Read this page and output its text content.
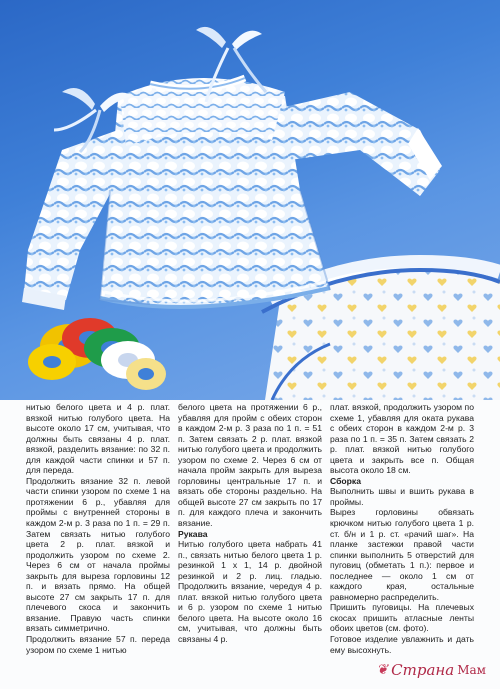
нитью белого цвета и 4 р. плат. вязкой нитью голубого цвета. На высоте около 17 см, учитывая, что должны быть связаны 4 р. плат. вязкой, разделить вязание: по 32 п. для каждой части спинки и 57 п. для переда.

Продолжить вязание 32 п. левой части спинки узором по схеме 1 на протяжении 6 р., убавляя для проймы с внутренней стороны в каждом 2-м р. 3 раза по 1 п. = 29 п. Затем связать нитью голубого цвета 2 р. плат. вязкой и продолжить узором по схеме 2. Через 6 см от начала проймы закрыть для выреза горловины 12 п. и вязать прямо. На общей высоте 27 см закрыть 17 п. для плечевого скоса и закончить вязание. Правую часть спинки вязать симметрично.

Продолжить вязание 57 п. переда узором по схеме 1 нитью

белого цвета на протяжении 6 р., убавляя для пройм с обеих сторон в каждом 2-м р. 3 раза по 1 п. = 51 п. Затем связать 2 р. плат. вязкой нитью голубого цвета и продолжить узором по схеме 2. Через 6 см от начала пройм закрыть для выреза горловины центральные 17 п. и вязать обе стороны раздельно. На общей высоте 27 см закрыть по 17 п. для каждого плеча и закончить вязание.

Рукава

Нитью голубого цвета набрать 41 п., связать нитью белого цвета 1 р. резинкой 1 х 1, 14 р. двойной резинкой и 2 р. лиц. гладью. Продолжить вязание, чередуя 4 р. плат. вязкой нитью голубого цвета и 6 р. узором по схеме 1 нитью белого цвета. На высоте около 16 см, учитывая, что должны быть связаны 4 р.

плат. вязкой, продолжить узором по схеме 1, убавляя для оката рукава с обеих сторон в каждом 2-м р. 3 раза по 1 п. = 35 п. Затем связать 2 р. плат. вязкой нитью голубого цвета и закрыть все п. Общая высота около 18 см.

Сборка

Выполнить швы и вшить рукава в проймы.

Вырез горловины обвязать крючком нитью голубого цвета 1 р. ст. б/н и 1 р. ст. «рачий шаг». На планке застежки правой части спинки выполнить 5 отверстий для пуговиц (обметать 1 п.): первое и последнее — около 1 см от каждого края, остальные равномерно распределить.

Пришить пуговицы. На плечевых скосах пришить атласные ленты обоих цветов (см. фото).

Готовое изделие увлажнить и дать ему высохнуть.

❦ Страна Мам
